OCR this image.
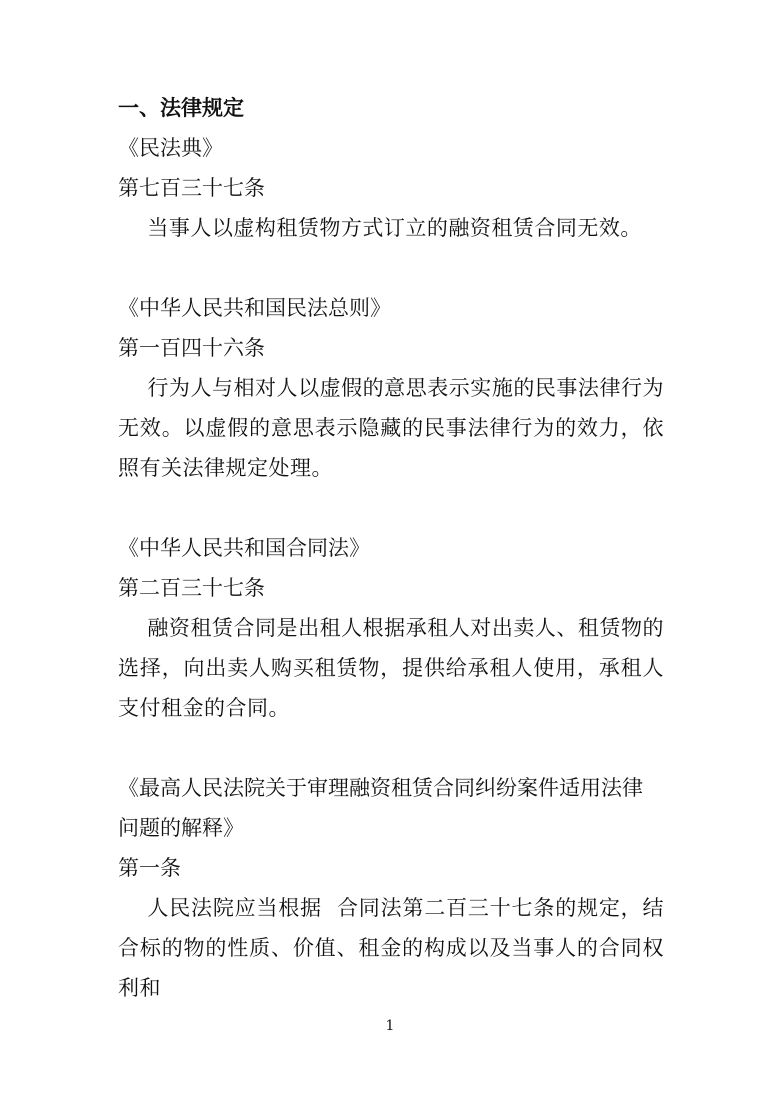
一、法律规定

《民法典》

第七百三十七条

当事人以虚构租赁物方式订立的融资租赁合同无效。

《中华人民共和国民法总则》

第一百四十六条

行为人与相对人以虚假的意思表示实施的民事法律行为无效。以虚假的意思表示隐藏的民事法律行为的效力，依照有关法律规定处理。

《中华人民共和国合同法》

第二百三十七条

融资租赁合同是出租人根据承租人对出卖人、租赁物的选择，向出卖人购买租赁物，提供给承租人使用，承租人支付租金的合同。

《最高人民法院关于审理融资租赁合同纠纷案件适用法律

问题的解释》

第一条

人民法院应当根据  合同法第二百三十七条的规定，结合标的物的性质、价值、租金的构成以及当事人的合同权利和

1
